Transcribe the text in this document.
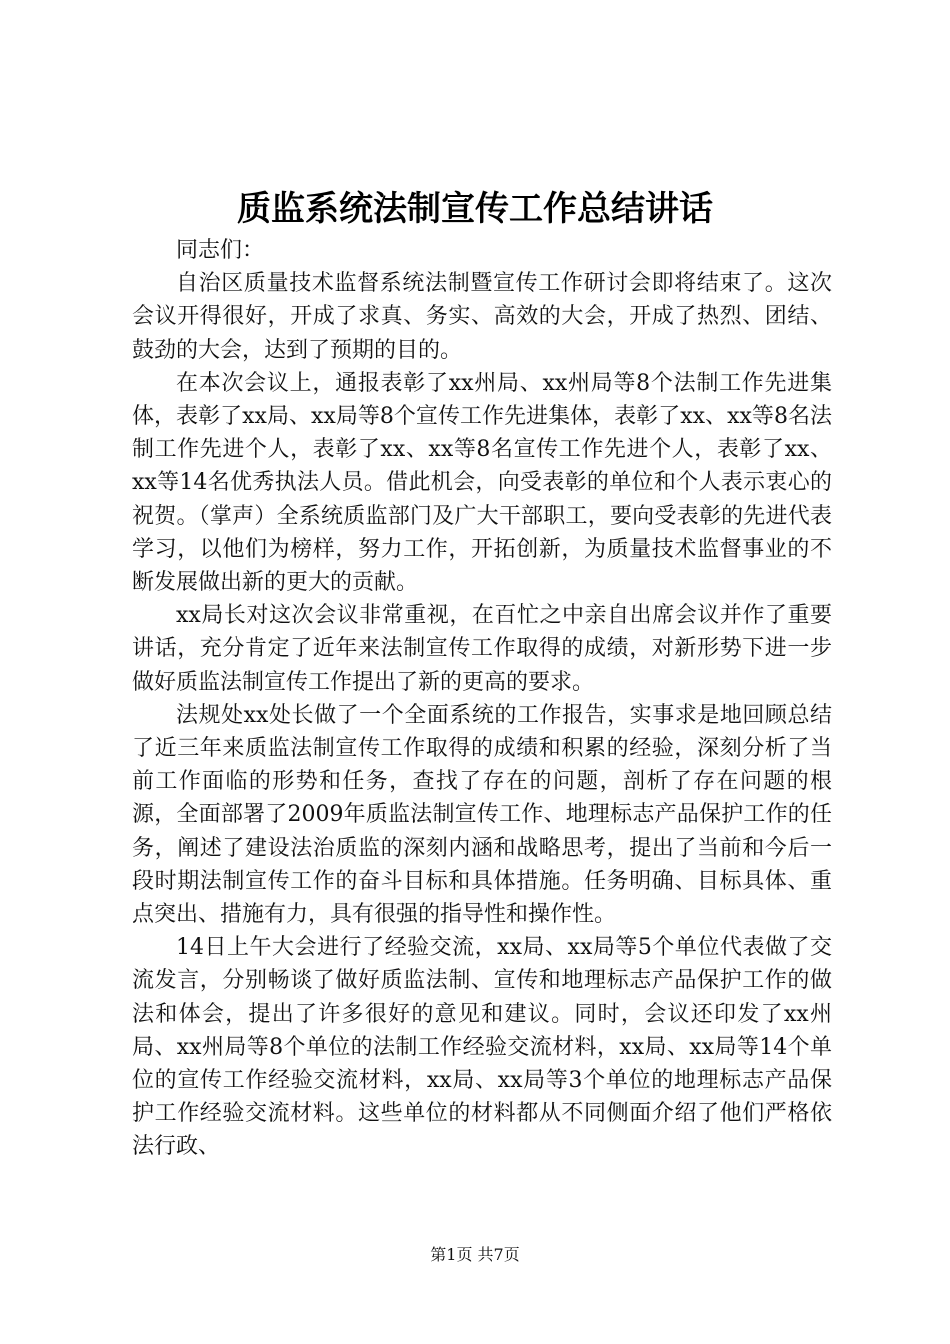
质监系统法制宣传工作总结讲话

同志们：

自治区质量技术监督系统法制暨宣传工作研讨会即将结束了。这次会议开得很好，开成了求真、务实、高效的大会，开成了热烈、团结、鼓劲的大会，达到了预期的目的。

在本次会议上，通报表彰了xx州局、xx州局等8个法制工作先进集体，表彰了xx局、xx局等8个宣传工作先进集体，表彰了xx、xx等8名法制工作先进个人，表彰了xx、xx等8名宣传工作先进个人，表彰了xx、xx等14名优秀执法人员。借此机会，向受表彰的单位和个人表示衷心的祝贺。（掌声）全系统质监部门及广大干部职工，要向受表彰的先进代表学习，以他们为榜样，努力工作，开拓创新，为质量技术监督事业的不断发展做出新的更大的贡献。

xx局长对这次会议非常重视，在百忙之中亲自出席会议并作了重要讲话，充分肯定了近年来法制宣传工作取得的成绩，对新形势下进一步做好质监法制宣传工作提出了新的更高的要求。

法规处xx处长做了一个全面系统的工作报告，实事求是地回顾总结了近三年来质监法制宣传工作取得的成绩和积累的经验，深刻分析了当前工作面临的形势和任务，查找了存在的问题，剖析了存在问题的根源，全面部署了2009年质监法制宣传工作、地理标志产品保护工作的任务，阐述了建设法治质监的深刻内涵和战略思考，提出了当前和今后一段时期法制宣传工作的奋斗目标和具体措施。任务明确、目标具体、重点突出、措施有力，具有很强的指导性和操作性。

14日上午大会进行了经验交流，xx局、xx局等5个单位代表做了交流发言，分别畅谈了做好质监法制、宣传和地理标志产品保护工作的做法和体会，提出了许多很好的意见和建议。同时，会议还印发了xx州局、xx州局等8个单位的法制工作经验交流材料，xx局、xx局等14个单位的宣传工作经验交流材料，xx局、xx局等3个单位的地理标志产品保护工作经验交流材料。这些单位的材料都从不同侧面介绍了他们严格依法行政、

第1页 共7页
